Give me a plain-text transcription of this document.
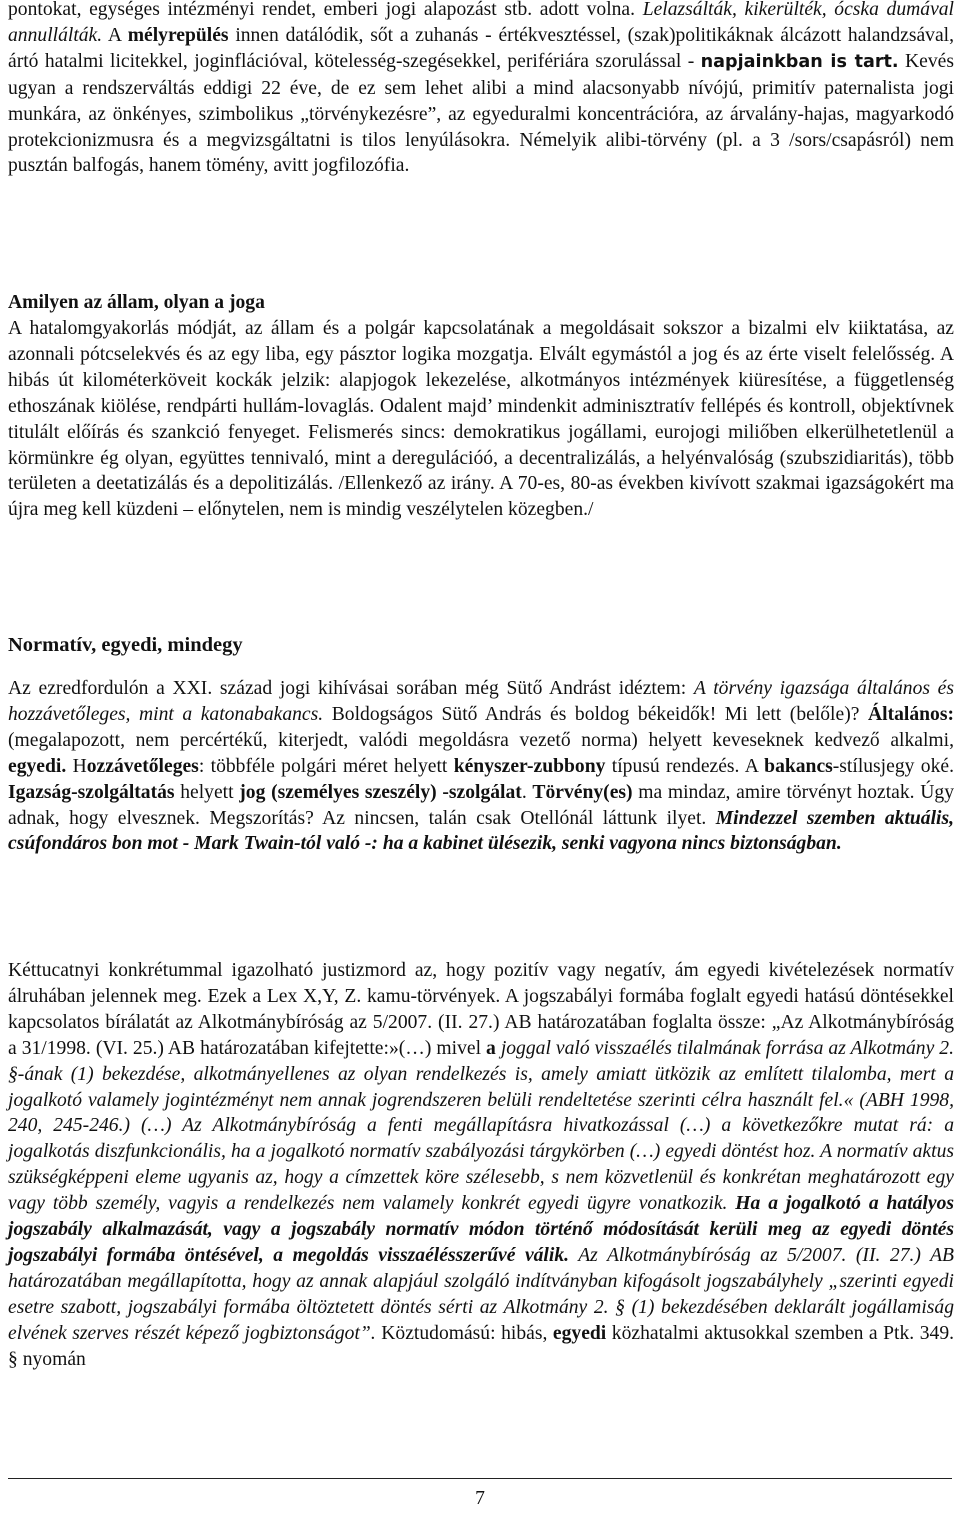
pontokat, egységes intézményi rendet, emberi jogi alapozást stb. adott volna. Lelazsálták, kikerülték, ócska dumával annullálták. A mélyrepülés innen datálódik, sőt a zuhanás - értékvesztéssel, (szak)politikáknak álcázott halandzsával, ártó hatalmi licitekkel, joginflációval, kötelesség-szegésekkel, perifériára szorulással - napjainkban is tart. Kevés ugyan a rendszerváltás eddigi 22 éve, de ez sem lehet alibi a mind alacsonyabb nívójú, primitív paternalista jogi munkára, az önkényes, szimbolikus „törvénykezésre”, az egyeduralmi koncentrációra, az árvalány-hajas, magyarkodó protekcionizmusra és a megvizsgáltatni is tilos lenyúlásokra. Némelyik alibi-törvény (pl. a 3 /sors/csapásról) nem pusztán balfogás, hanem tömény, avitt jogfilozófia.
Amilyen az állam, olyan a joga
A hatalomgyakorlás módját, az állam és a polgár kapcsolatának a megoldásait sokszor a bizalmi elv kiiktatása, az azonnali pótcselekvés és az egy liba, egy pásztor logika mozgatja. Elvált egymástól a jog és az érte viselt felelősség. A hibás út kilométerköveit kockák jelzik: alapjogok lekezelése, alkotmányos intézmények kiüresítése, a függetlenség ethoszának kiölése, rendpárti hullám-lovaglás. Odalent majd’ mindenkit adminisztratív fellépés és kontroll, objektívnek titulált előírás és szankció fenyeget. Felismerés sincs: demokratikus jogállami, eurojogi miliőben elkerülhetetlenül a körmünkre ég olyan, együttes tennivaló, mint a deregulációó, a decentralizálás, a helyénvalóság (szubszidiaritás), több területen a deetatizálás és a depolitizálás. /Ellenkező az irány. A 70-es, 80-as években kivívott szakmai igazságokért ma újra meg kell küzdeni – előnytelen, nem is mindig veszélytelen közegben./
Normatív, egyedi, mindegy
Az ezredfordulón a XXI. század jogi kihívásai sorában még Sütő Andrást idéztem: A törvény igazsága általános és hozzávetőleges, mint a katonabakancs. Boldogságos Sütő András és boldog békeidők! Mi lett (belőle)? Általános: (megalapozott, nem percértékű, kiterjedt, valódi megoldásra vezető norma) helyett keveseknek kedvező alkalmi, egyedi. Hozzávetőleges: többféle polgári méret helyett kényszer-zubbony típusú rendezés. A bakancs-stílusjegy oké. Igazság-szolgáltatás helyett jog (személyes szeszély) -szolgálat. Törvény(es) ma mindaz, amire törvényt hoztak. Úgy adnak, hogy elvesznek. Megszorítás? Az nincsen, talán csak Otellónál láttunk ilyet. Mindezzel szemben aktuális, csúfondáros bon mot - Mark Twain-tól való -: ha a kabinet ülésezik, senki vagyona nincs biztonságban.
Kéttucatnyi konkrétummal igazolható justizmord az, hogy pozitív vagy negatív, ám egyedi kivételezések normatív álruhában jelennek meg. Ezek a Lex X,Y, Z. kamu-törvények. A jogszabályi formába foglalt egyedi hatású döntésekkel kapcsolatos bírálatát az Alkotmánybíróság az 5/2007. (II. 27.) AB határozatában foglalta össze: „Az Alkotmánybíróság a 31/1998. (VI. 25.) AB határozatában kifejtette:»(…) mivel a joggal való visszaélés tilalmának forrása az Alkotmány 2. §-ának (1) bekezdése, alkotmányellenes az olyan rendelkezés is, amely amiatt ütközik az említett tilalomba, mert a jogalkotó valamely jogintézményt nem annak jogrendszeren belüli rendeltetése szerinti célra használt fel.« (ABH 1998, 240, 245-246.) (…) Az Alkotmánybíróság a fenti megállapításra hivatkozással (…) a következőkre mutat rá: a jogalkotás diszfunkcionális, ha a jogalkotó normatív szabályozási tárgykörben (…) egyedi döntést hoz. A normatív aktus szükségképpeni eleme ugyanis az, hogy a címzettek köre szélesebb, s nem közvetlenül és konkrétan meghatározott egy vagy több személy, vagyis a rendelkezés nem valamely konkrét egyedi ügyre vonatkozik. Ha a jogalkotó a hatályos jogszabály alkalmazását, vagy a jogszabály normatív módon történő módosítását kerüli meg az egyedi döntés jogszabályi formába öntésével, a megoldás visszaélésszerűvé válik. Az Alkotmánybíróság az 5/2007. (II. 27.) AB határozatában megállapította, hogy az annak alapjául szolgáló indítványban kifogásolt jogszabályhely „szerinti egyedi esetre szabott, jogszabályi formába öltöztetett döntés sérti az Alkotmány 2. § (1) bekezdésében deklarált jogállamiság elvének szerves részét képező jogbiztonságot”. Köztudomású: hibás, egyedi közhatalmi aktusokkal szemben a Ptk. 349. § nyomán
7
